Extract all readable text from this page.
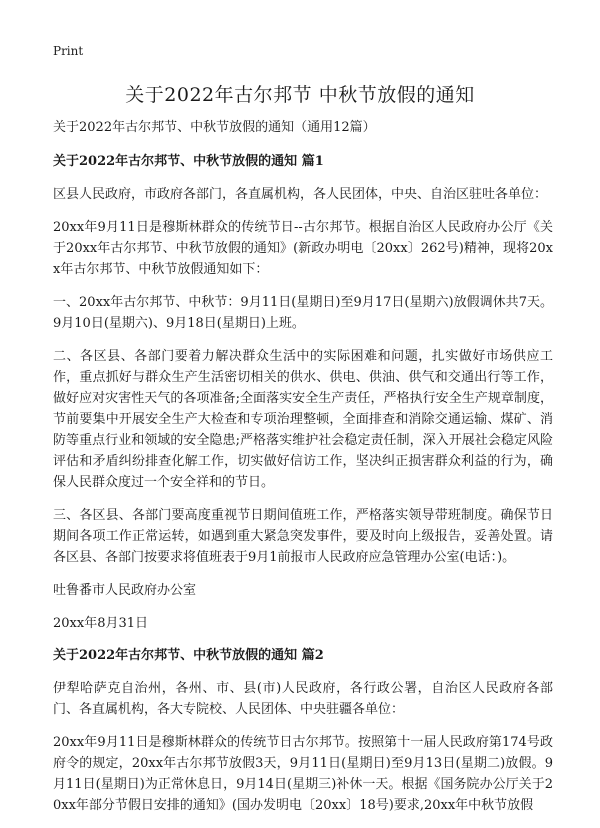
Print
关于2022年古尔邦节 中秋节放假的通知

关于2022年古尔邦节、中秋节放假的通知（通用12篇）

关于2022年古尔邦节、中秋节放假的通知 篇1

区县人民政府，市政府各部门，各直属机构，各人民团体，中央、自治区驻吐各单位：

20xx年9月11日是穆斯林群众的传统节日--古尔邦节。根据自治区人民政府办公厅《关于20xx年古尔邦节、中秋节放假的通知》(新政办明电〔20xx〕262号)精神，现将20xx年古尔邦节、中秋节放假通知如下：

一、20xx年古尔邦节、中秋节：9月11日(星期日)至9月17日(星期六)放假调休共7天。9月10日(星期六)、9月18日(星期日)上班。

二、各区县、各部门要着力解决群众生活中的实际困难和问题，扎实做好市场供应工作，重点抓好与群众生产生活密切相关的供水、供电、供油、供气和交通出行等工作，做好应对灾害性天气的各项准备;全面落实安全生产责任，严格执行安全生产规章制度，节前要集中开展安全生产大检查和专项治理整顿，全面排查和消除交通运输、煤矿、消防等重点行业和领域的安全隐患;严格落实维护社会稳定责任制，深入开展社会稳定风险评估和矛盾纠纷排查化解工作，切实做好信访工作，坚决纠正损害群众利益的行为，确保人民群众度过一个安全祥和的节日。

三、各区县、各部门要高度重视节日期间值班工作，严格落实领导带班制度。确保节日期间各项工作正常运转，如遇到重大紧急突发事件，要及时向上级报告，妥善处置。请各区县、各部门按要求将值班表于9月1前报市人民政府应急管理办公室(电话：)。

吐鲁番市人民政府办公室

20xx年8月31日

关于2022年古尔邦节、中秋节放假的通知 篇2

伊犁哈萨克自治州，各州、市、县(市)人民政府，各行政公署，自治区人民政府各部门、各直属机构，各大专院校、人民团体、中央驻疆各单位：

20xx年9月11日是穆斯林群众的传统节日古尔邦节。按照第十一届人民政府第174号政府令的规定，20xx年古尔邦节放假3天，9月11日(星期日)至9月13日(星期二)放假。9月11日(星期日)为正常休息日，9月14日(星期三)补休一天。根据《国务院办公厅关于20xx年部分节假日安排的通知》(国办发明电〔20xx〕18号)要求,20xx年中秋节放假
